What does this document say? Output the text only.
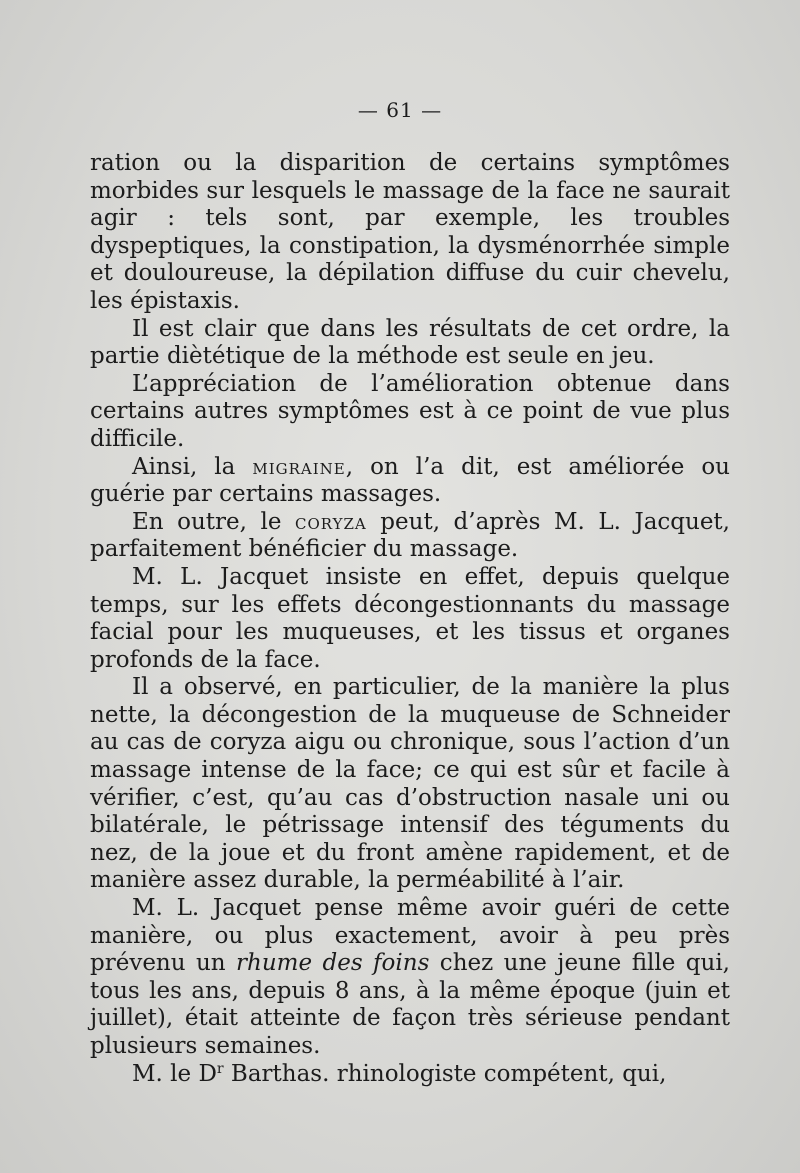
— 61 —

ration ou la disparition de certains symptômes morbides sur lesquels le massage de la face ne saurait agir : tels sont, par exemple, les troubles dyspeptiques, la constipation, la dysménorrhée simple et douloureuse, la dépilation diffuse du cuir chevelu, les épistaxis.

Il est clair que dans les résultats de cet ordre, la partie diètétique de la méthode est seule en jeu.

L’appréciation de l’amélioration obtenue dans certains autres symptômes est à ce point de vue plus difficile.

Ainsi, la migraine, on l’a dit, est améliorée ou guérie par certains massages.

En outre, le coryza peut, d’après M. L. Jacquet, parfaitement bénéficier du massage.

M. L. Jacquet insiste en effet, depuis quelque temps, sur les effets décongestionnants du massage facial pour les muqueuses, et les tissus et organes profonds de la face.

Il a observé, en particulier, de la manière la plus nette, la décongestion de la muqueuse de Schneider au cas de coryza aigu ou chronique, sous l’action d’un massage intense de la face; ce qui est sûr et facile à vérifier, c’est, qu’au cas d’obstruction nasale uni ou bilatérale, le pétrissage intensif des téguments du nez, de la joue et du front amène rapidement, et de manière assez durable, la perméabilité à l’air.

M. L. Jacquet pense même avoir guéri de cette manière, ou plus exactement, avoir à peu près prévenu un rhume des foins chez une jeune fille qui, tous les ans, depuis 8 ans, à la même époque (juin et juillet), était atteinte de façon très sérieuse pendant plusieurs semaines.

M. le $D^r$ Barthas. rhinologiste compétent, qui,
